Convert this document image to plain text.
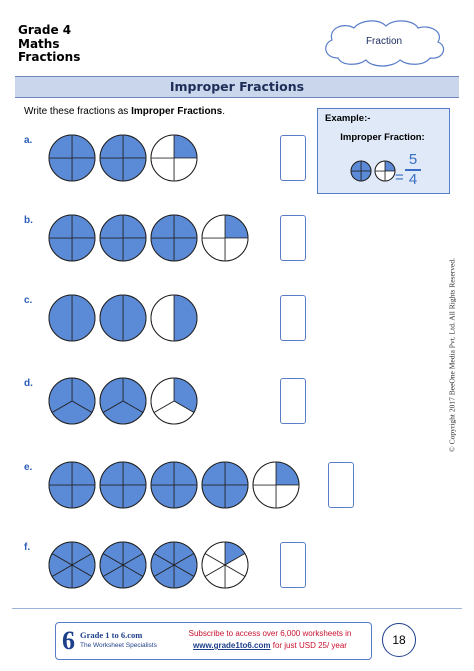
Grade 4
Maths
Fractions
Fraction
Improper Fractions
Write these fractions as Improper Fractions.
Example:-
Improper Fraction:
=
5
4
a.
b.
c.
d.
e.
f.
© Copyright 2017 BeeOne Media Pvt. Ltd. All Rights Reserved.
6 Grade 1 to 6.com
The Worksheet Specialists
Subscribe to access over 6,000 worksheets in
www.grade1to6.com for just USD 25/ year	18
